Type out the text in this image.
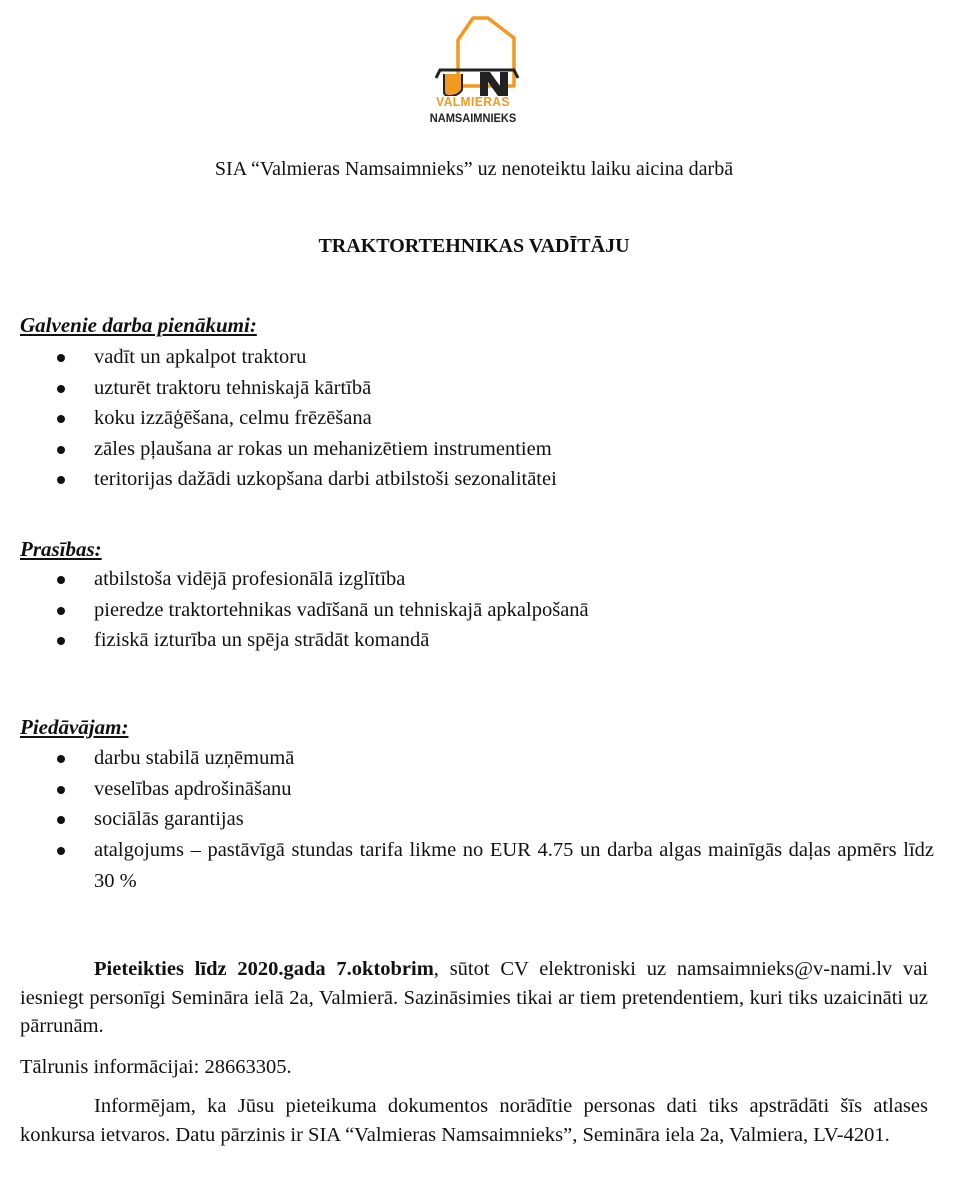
VALMIERAS
NAMSAIMNIEKS
SIA “Valmieras Namsaimnieks” uz nenoteiktu laiku aicina darbā
TRAKTORTEHNIKAS VADĪTĀJU
Galvenie darba pienākumi:
vadīt un apkalpot traktoru
uzturēt traktoru tehniskajā kārtībā
koku izzāģēšana, celmu frēzēšana
zāles pļaušana ar rokas un mehanizētiem instrumentiem
teritorijas dažādi uzkopšana darbi atbilstoši sezonalitātei
Prasības:
atbilstoša vidējā profesionālā izglītība
pieredze traktortehnikas vadīšanā un tehniskajā apkalpošanā
fiziskā izturība un spēja strādāt komandā
Piedāvājam:
darbu stabilā uzņēmumā
veselības apdrošināšanu
sociālās garantijas
atalgojums – pastāvīgā stundas tarifa likme no EUR 4.75 un darba algas mainīgās daļas apmērs līdz 30 %
Pieteikties līdz 2020.gada 7.oktobrim, sūtot CV elektroniski uz namsaimnieks@v-nami.lv vai iesniegt personīgi Semināra ielā 2a, Valmierā. Sazināsimies tikai ar tiem pretendentiem, kuri tiks uzaicināti uz pārrunām.
Tālrunis informācijai: 28663305.
Informējam, ka Jūsu pieteikuma dokumentos norādītie personas dati tiks apstrādāti šīs atlases konkursa ietvaros. Datu pārzinis ir SIA “Valmieras Namsaimnieks”, Semināra iela 2a, Valmiera, LV-4201.
